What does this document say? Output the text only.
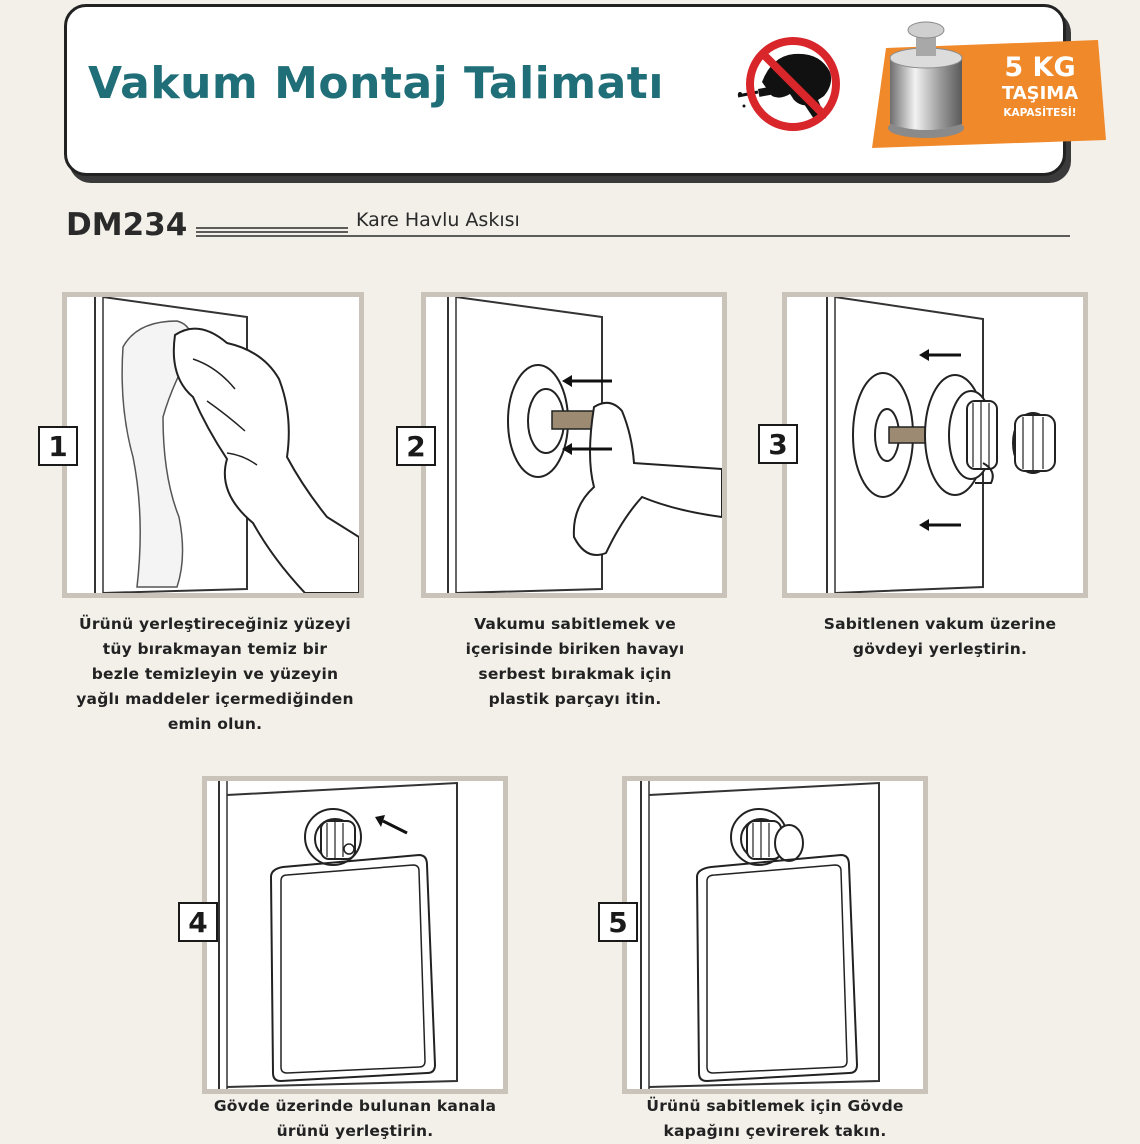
Vakum Montaj Talimatı	5 KG
TAŞIMA
KAPASİTESİ!
DM234	Kare Havlu Askısı
1
Ürünü yerleştireceğiniz yüzeyi
tüy bırakmayan temiz bir
bezle temizleyin ve yüzeyin
yağlı maddeler içermediğinden
emin olun.
2
Vakumu sabitlemek ve
içerisinde biriken havayı
serbest bırakmak için
plastik parçayı itin.
3
Sabitlenen vakum üzerine
gövdeyi yerleştirin.
4
Gövde üzerinde bulunan kanala
ürünü yerleştirin.
5
Ürünü sabitlemek için Gövde
kapağını çevirerek takın.
